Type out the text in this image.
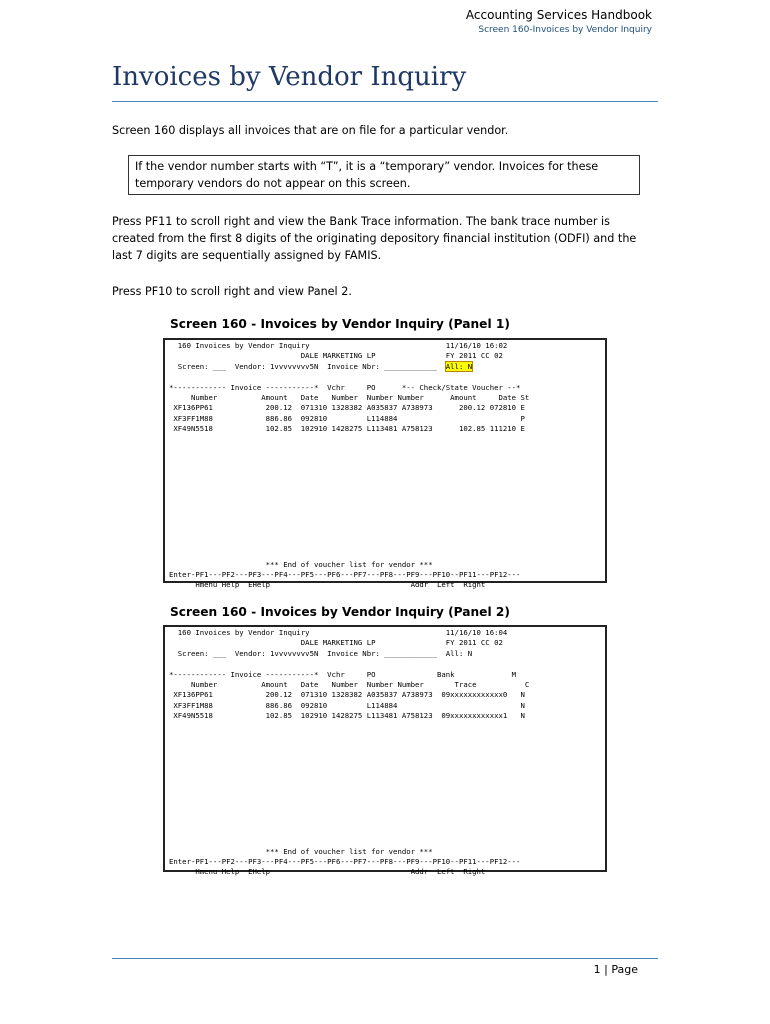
Accounting Services Handbook
Screen 160-Invoices by Vendor Inquiry
Invoices by Vendor Inquiry

Screen 160 displays all invoices that are on file for a particular vendor.

If the vendor number starts with “T”, it is a “temporary” vendor. Invoices for these temporary vendors do not appear on this screen.

Press PF11 to scroll right and view the Bank Trace information. The bank trace number is created from the first 8 digits of the originating depository financial institution (ODFI) and the last 7 digits are sequentially assigned by FAMIS.

Press PF10 to scroll right and view Panel 2.

Screen 160 - Invoices by Vendor Inquiry (Panel 1)

160 Invoices by Vendor Inquiry                               11/16/10 16:02
DALE MARKETING LP                FY 2011 CC 02
Screen: ___  Vendor: 1vvvvvvvv5N  Invoice Nbr: ____________  All: N

*------------ Invoice -----------*  Vchr     PO      *-- Check/State Voucher --*
Number          Amount   Date   Number  Number Number      Amount     Date St
XF136PP61            200.12  071310 1328382 A035837 A738973      200.12 072810 E
XF3FF1M88            886.86  092810         L114884                            P
XF49N5518            102.85  102910 1428275 L113481 A758123      102.85 111210 E

*** End of voucher list for vendor ***
Enter-PF1---PF2---PF3---PF4---PF5---PF6---PF7---PF8---PF9---PF10--PF11---PF12---
Hmenu Help  EHelp                                Addr  Left  Right

Screen 160 - Invoices by Vendor Inquiry (Panel 2)

160 Invoices by Vendor Inquiry                               11/16/10 16:04
DALE MARKETING LP                FY 2011 CC 02
Screen: ___  Vendor: 1vvvvvvvv5N  Invoice Nbr: ____________  All: N

*------------ Invoice -----------*  Vchr     PO              Bank             M
Number          Amount   Date   Number  Number Number       Trace           C
XF136PP61            200.12  071310 1328382 A035837 A738973  09xxxxxxxxxxxx0   N
XF3FF1M88            886.86  092810         L114884                            N
XF49N5518            102.85  102910 1428275 L113481 A758123  09xxxxxxxxxxxx1   N

*** End of voucher list for vendor ***
Enter-PF1---PF2---PF3---PF4---PF5---PF6---PF7---PF8---PF9---PF10--PF11---PF12---
Hmenu Help  EHelp                                Addr  Left  Right
1 | Page
